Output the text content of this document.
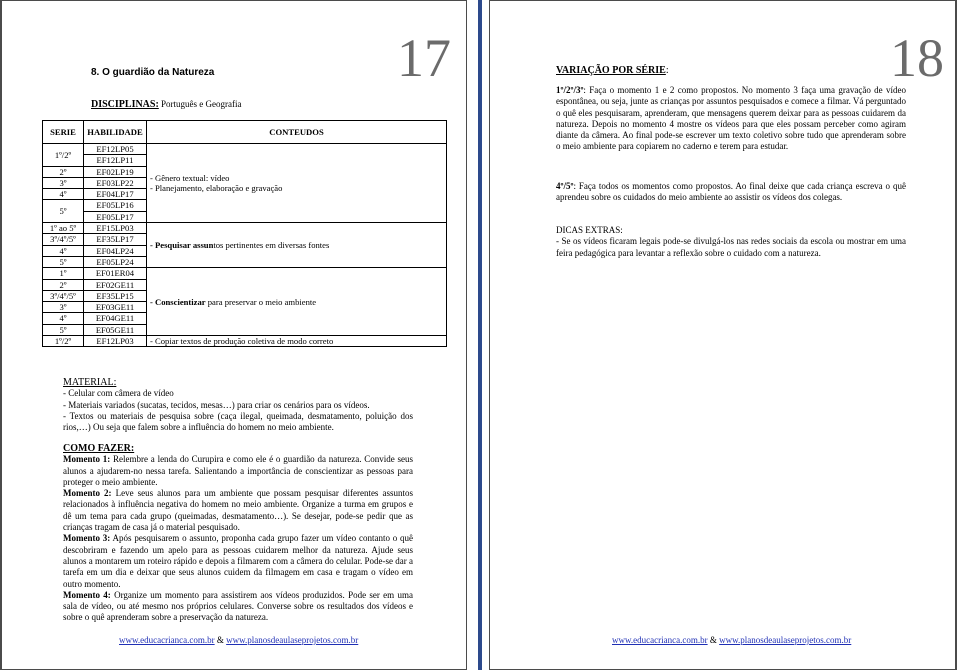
17
8. O guardião da Natureza
DISCIPLINAS: Português e Geografia
SERIE	HABILIDADE	CONTEUDOS
1º/2º	EF12LP05	- Gênero textual: vídeo
- Planejamento, elaboração e gravação
	EF12LP11	
2º	EF02LP19	
3º	EF03LP22	
4º	EF04LP17	
5º	EF05LP16	
	EF05LP17	
1º ao 5º	EF15LP03	- Pesquisar assuntos pertinentes em diversas fontes
3º/4º/5º	EF35LP17	
4º	EF04LP24	
5º	EF05LP24	
1º	EF01ER04	- Conscientizar para preservar o meio ambiente
2º	EF02GE11	
3º/4º/5º	EF35LP15	
3º	EF03GE11	
4º	EF04GE11	
5º	EF05GE11	
1º/2º	EF12LP03	- Copiar textos de produção coletiva de modo correto
MATERIAL:
- Celular com câmera de vídeo
- Materiais variados (sucatas, tecidos, mesas…) para criar os cenários para os vídeos.
- Textos ou materiais de pesquisa sobre (caça ilegal, queimada, desmatamento, poluição dos rios,…) Ou seja que falem sobre a influência do homem no meio ambiente.
COMO FAZER:
Momento 1: Relembre a lenda do Curupira e como ele é o guardião da natureza. Convide seus alunos a ajudarem-no nessa tarefa. Salientando a importância de conscientizar as pessoas para proteger o meio ambiente.
Momento 2: Leve seus alunos para um ambiente que possam pesquisar diferentes assuntos relacionados à influência negativa do homem no meio ambiente. Organize a turma em grupos e dê um tema para cada grupo (queimadas, desmatamento…). Se desejar, pode-se pedir que as crianças tragam de casa já o material pesquisado.
Momento 3: Após pesquisarem o assunto, proponha cada grupo fazer um vídeo contanto o quê descobriram e fazendo um apelo para as pessoas cuidarem melhor da natureza. Ajude seus alunos a montarem um roteiro rápido e depois a filmarem com a câmera do celular. Pode-se dar a tarefa em um dia e deixar que seus alunos cuidem da filmagem em casa e tragam o vídeo em outro momento.
Momento 4: Organize um momento para assistirem aos vídeos produzidos. Pode ser em uma sala de vídeo, ou até mesmo nos próprios celulares. Converse sobre os resultados dos vídeos e sobre o quê aprenderam sobre a preservação da natureza.
www.educacrianca.com.br & www.planosdeaulaseprojetos.com.br
18
VARIAÇÃO POR SÉRIE:
1º/2º/3º: Faça o momento 1 e 2 como propostos. No momento 3 faça uma gravação de vídeo espontânea, ou seja, junte as crianças por assuntos pesquisados e comece a filmar. Vá perguntado o quê eles pesquisaram, aprenderam, que mensagens querem deixar para as pessoas cuidarem da natureza. Depois no momento 4 mostre os vídeos para que eles possam perceber como agiram diante da câmera. Ao final pode-se escrever um texto coletivo sobre tudo que aprenderam sobre o meio ambiente para copiarem no caderno e terem para estudar.
4º/5º: Faça todos os momentos como propostos. Ao final deixe que cada criança escreva o quê aprendeu sobre os cuidados do meio ambiente ao assistir os vídeos dos colegas.
DICAS EXTRAS:
- Se os vídeos ficaram legais pode-se divulgá-los nas redes sociais da escola ou mostrar em uma feira pedagógica para levantar a reflexão sobre o cuidado com a natureza.
www.educacrianca.com.br & www.planosdeaulaseprojetos.com.br
